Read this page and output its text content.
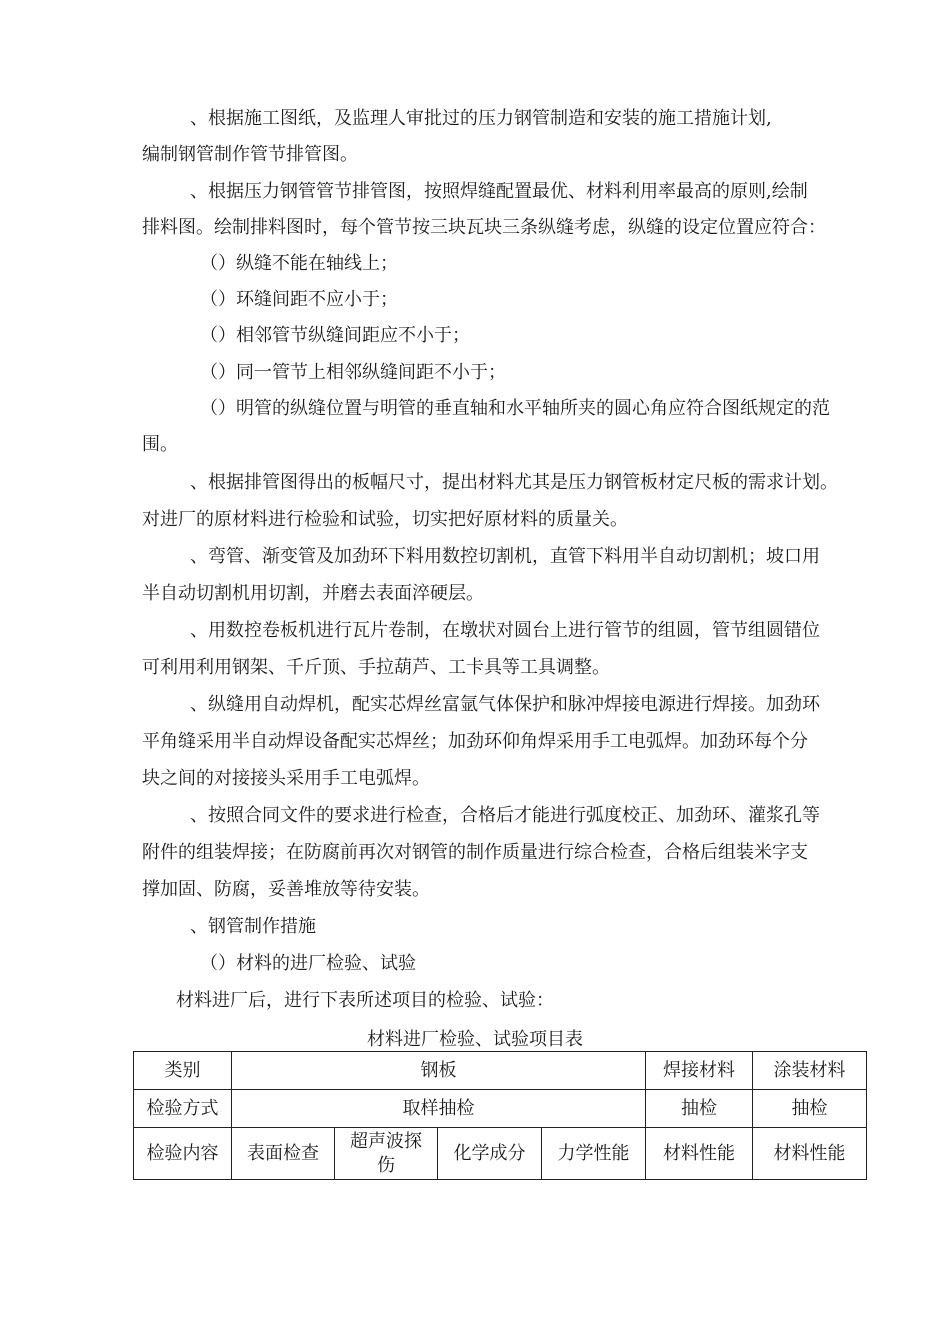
、根据施工图纸，及监理人审批过的压力钢管制造和安装的施工措施计划,
编制钢管制作管节排管图。
、根据压力钢管管节排管图，按照焊缝配置最优、材料利用率最高的原则,绘制
排料图。绘制排料图时，每个管节按三块瓦块三条纵缝考虑，纵缝的设定位置应符合：
（）纵缝不能在轴线上；
（）环缝间距不应小于；
（）相邻管节纵缝间距应不小于；
（）同一管节上相邻纵缝间距不小于；
（）明管的纵缝位置与明管的垂直轴和水平轴所夹的圆心角应符合图纸规定的范
围。
、根据排管图得出的板幅尺寸，提出材料尤其是压力钢管板材定尺板的需求计划。
对进厂的原材料进行检验和试验，切实把好原材料的质量关。
、弯管、渐变管及加劲环下料用数控切割机，直管下料用半自动切割机；坡口用
半自动切割机用切割，并磨去表面淬硬层。
、用数控卷板机进行瓦片卷制，在墩状对圆台上进行管节的组圆，管节组圆错位
可利用利用钢架、千斤顶、手拉葫芦、工卡具等工具调整。
、纵缝用自动焊机，配实芯焊丝富氩气体保护和脉冲焊接电源进行焊接。加劲环
平角缝采用半自动焊设备配实芯焊丝；加劲环仰角焊采用手工电弧焊。加劲环每个分
块之间的对接接头采用手工电弧焊。
、按照合同文件的要求进行检查，合格后才能进行弧度校正、加劲环、灌浆孔等
附件的组装焊接；在防腐前再次对钢管的制作质量进行综合检查，合格后组装米字支
撑加固、防腐，妥善堆放等待安装。
、钢管制作措施
（）材料的进厂检验、试验
材料进厂后，进行下表所述项目的检验、试验：
材料进厂检验、试验项目表
类别	钢板				焊接材料	涂装材料
检验方式	取样抽检				抽检	抽检
检验内容	表面检查	超声波探伤	化学成分	力学性能	材料性能	材料性能
